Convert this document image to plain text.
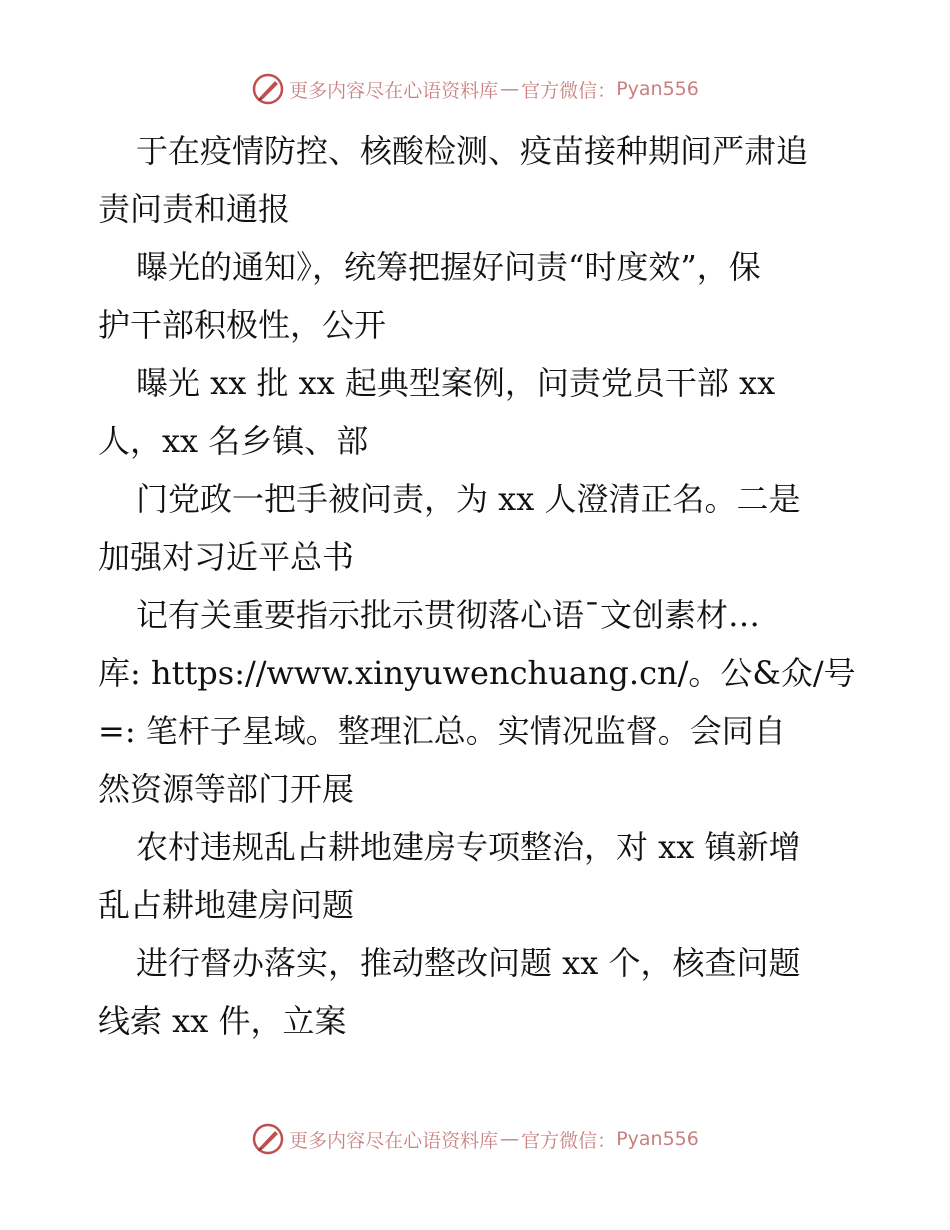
更多内容尽在心语资料库 — 官方微信： Pyan556

于在疫情防控、核酸检测、疫苗接种期间严肃追
责问责和通报

曝光的通知》，统筹把握好问责“时度效”，保
护干部积极性，公开

曝光 xx 批 xx 起典型案例，问责党员干部 xx
人，xx 名乡镇、部

门党政一把手被问责，为 xx 人澄清正名。二是
加强对习近平总书

记有关重要指示批示贯彻落心语¯文创素材…
库: https://www.xinyuwenchuang.cn/。公&众/号
=: 笔杆子星域。整理汇总。实情况监督。会同自
然资源等部门开展

农村违规乱占耕地建房专项整治，对 xx 镇新增
乱占耕地建房问题

进行督办落实，推动整改问题 xx 个，核查问题
线索 xx 件，立案

更多内容尽在心语资料库 — 官方微信： Pyan556
